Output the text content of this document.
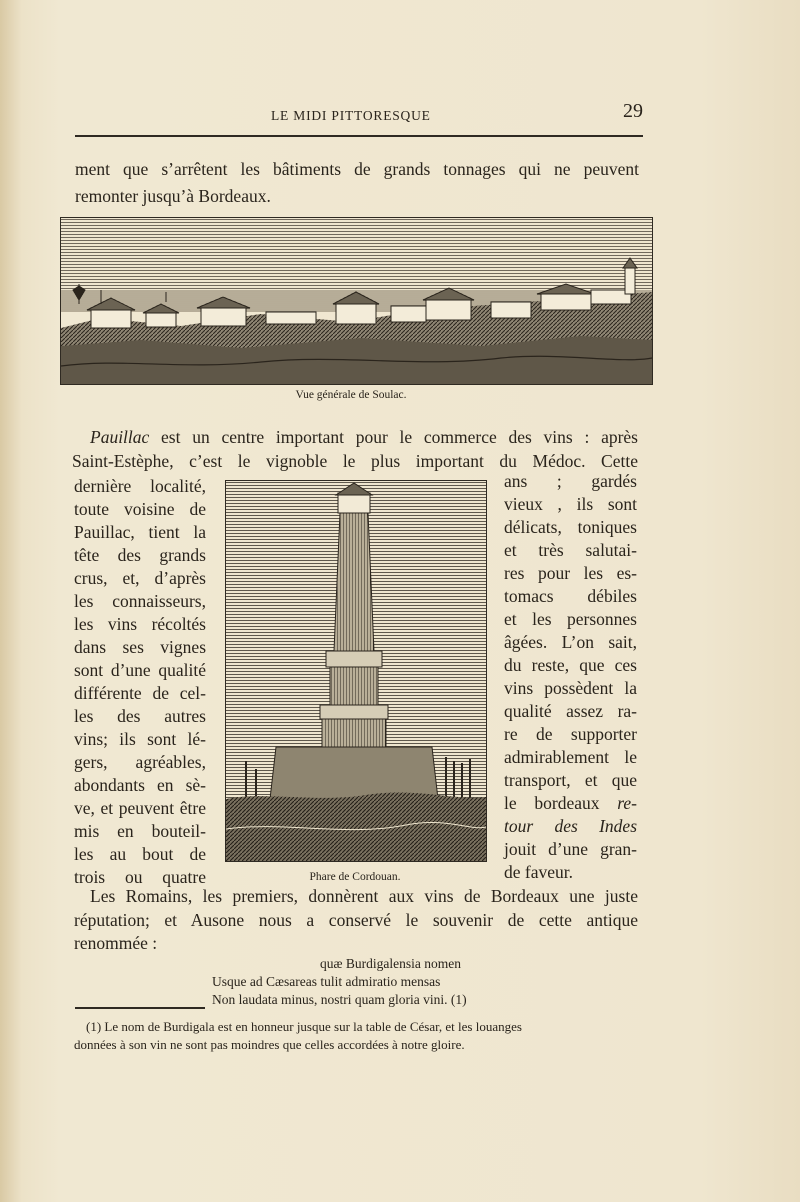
LE MIDI PITTORESQUE	29
ment que s’arrêtent les bâtiments de grands tonnages qui ne peuvent
remonter jusqu’à Bordeaux.
Vue générale de Soulac.
Pauillac est un centre important pour le commerce des vins : après
Saint-Estèphe, c’est le vignoble le plus important du Médoc. Cette
dernière localité,
toute voisine de
Pauillac, tient la
tête des grands
crus, et, d’après
les connaisseurs,
les vins récoltés
dans ses vignes
sont d’une qualité
différente de cel-
les des autres
vins; ils sont lé-
gers, agréables,
abondants en sè-
ve, et peuvent être
mis en bouteil-
les au bout de
trois ou quatre	Phare de Cordouan.
ans ; gardés
vieux , ils sont
délicats, toniques
et très salutai-
res pour les es-
tomacs débiles
et les personnes
âgées. L’on sait,
du reste, que ces
vins possèdent la
qualité assez ra-
re de supporter
admirablement le
transport, et que
le bordeaux re-
tour des Indes
jouit d’une gran-
de faveur.
Les Romains, les premiers, donnèrent aux vins de Bordeaux une juste
réputation; et Ausone nous a conservé le souvenir de cette antique
renommée :
quæ Burdigalensia nomen
Usque ad Cæsareas tulit admiratio mensas
Non laudata minus, nostri quam gloria vini. (1)
(1) Le nom de Burdigala est en honneur jusque sur la table de César, et les louanges
données à son vin ne sont pas moindres que celles accordées à notre gloire.
